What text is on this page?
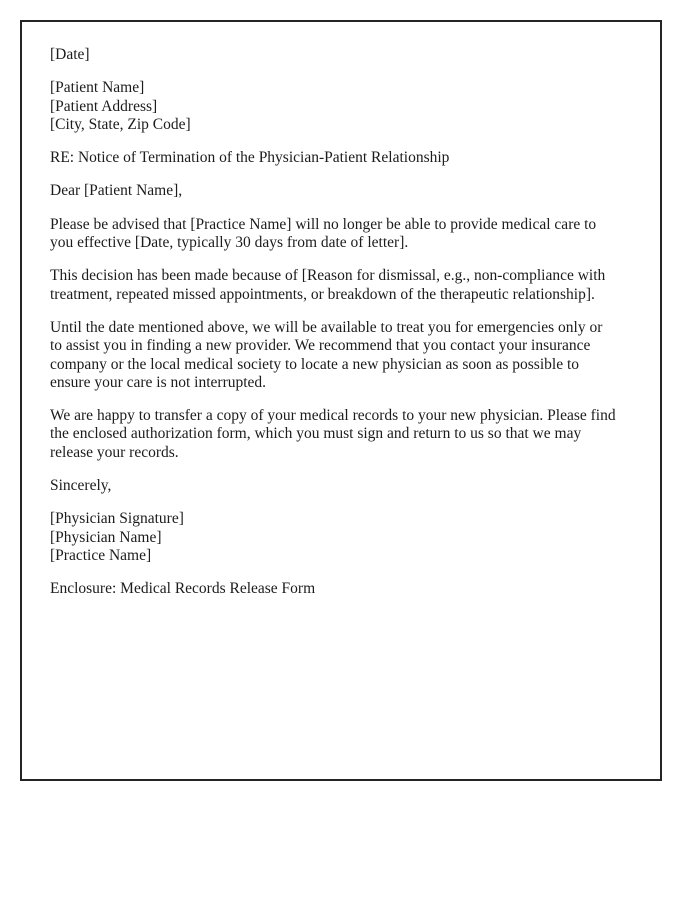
[Date]

[Patient Name]
[Patient Address]
[City, State, Zip Code]

RE: Notice of Termination of the Physician-Patient Relationship

Dear [Patient Name],

Please be advised that [Practice Name] will no longer be able to provide medical care to
you effective [Date, typically 30 days from date of letter].

This decision has been made because of [Reason for dismissal, e.g., non-compliance with
treatment, repeated missed appointments, or breakdown of the therapeutic relationship].

Until the date mentioned above, we will be available to treat you for emergencies only or
to assist you in finding a new provider. We recommend that you contact your insurance
company or the local medical society to locate a new physician as soon as possible to
ensure your care is not interrupted.

We are happy to transfer a copy of your medical records to your new physician. Please find
the enclosed authorization form, which you must sign and return to us so that we may
release your records.

Sincerely,

[Physician Signature]
[Physician Name]
[Practice Name]

Enclosure: Medical Records Release Form
